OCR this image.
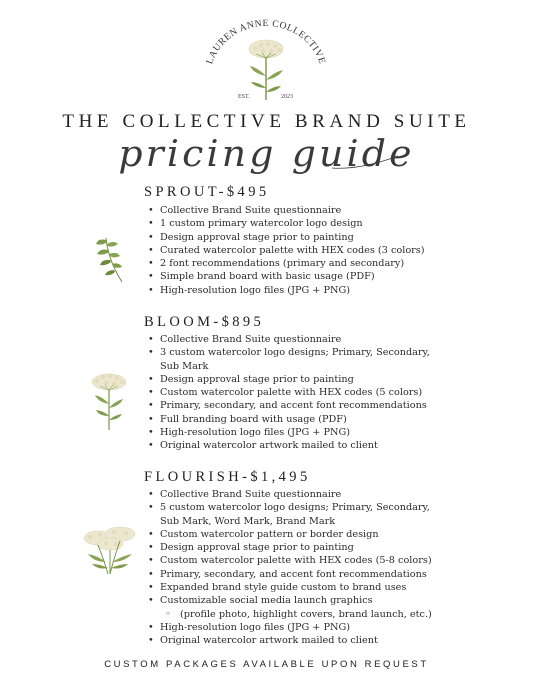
LAUREN ANNE COLLECTIVE
EST.	2023
THE COLLECTIVE BRAND SUITE
pricing guide
SPROUT-$495
• Collective Brand Suite questionnaire
• 1 custom primary watercolor logo design
• Design approval stage prior to painting
• Curated watercolor palette with HEX codes (3 colors)
• 2 font recommendations (primary and secondary)
• Simple brand board with basic usage (PDF)
• High-resolution logo files (JPG + PNG)
BLOOM-$895
• Collective Brand Suite questionnaire
• 3 custom watercolor logo designs; Primary, Secondary, Sub Mark
• Design approval stage prior to painting
• Custom watercolor palette with HEX codes (5 colors)
• Primary, secondary, and accent font recommendations
• Full branding board with usage (PDF)
• High-resolution logo files (JPG + PNG)
• Original watercolor artwork mailed to client
FLOURISH-$1,495
• Collective Brand Suite questionnaire
• 5 custom watercolor logo designs; Primary, Secondary, Sub Mark, Word Mark, Brand Mark
• Custom watercolor pattern or border design
• Design approval stage prior to painting
• Custom watercolor palette with HEX codes (5-8 colors)
• Primary, secondary, and accent font recommendations
• Expanded brand style guide custom to brand uses
• Customizable social media launch graphics
◦ (profile photo, highlight covers, brand launch, etc.)
• High-resolution logo files (JPG + PNG)
• Original watercolor artwork mailed to client
CUSTOM PACKAGES AVAILABLE UPON REQUEST
